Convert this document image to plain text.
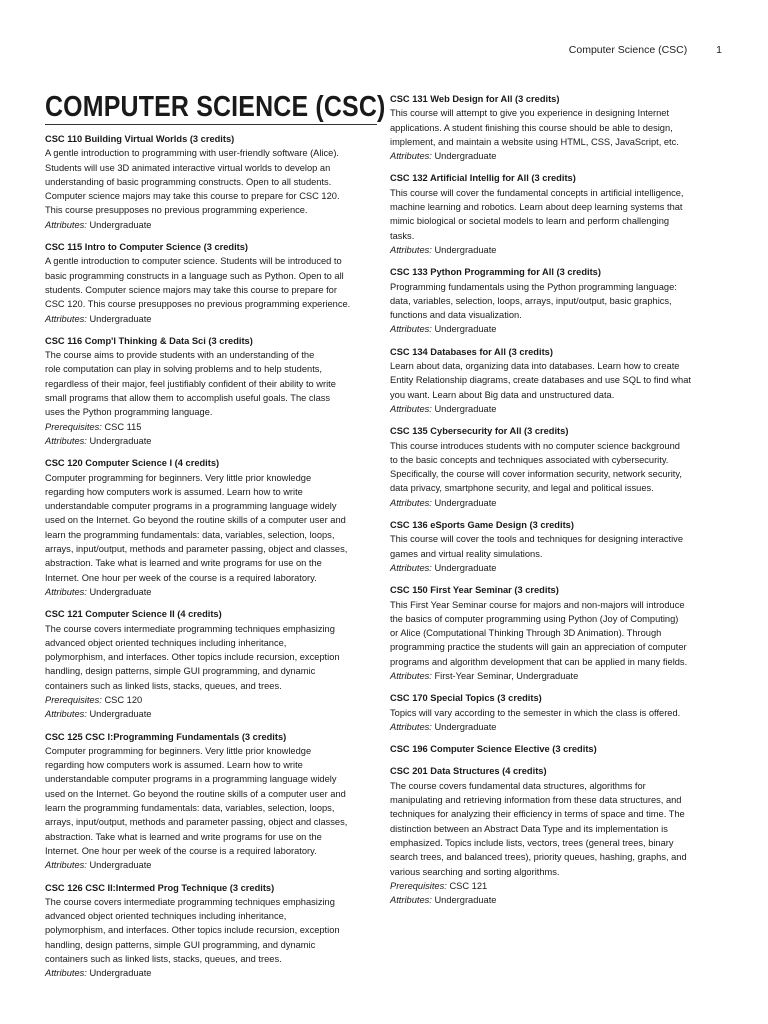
Computer Science (CSC)	1
COMPUTER SCIENCE (CSC)

CSC 110 Building Virtual Worlds (3 credits)

A gentle introduction to programming with user-friendly software (Alice).
Students will use 3D animated interactive virtual worlds to develop an
understanding of basic programming constructs. Open to all students.
Computer science majors may take this course to prepare for CSC 120.
This course presupposes no previous programming experience.

Attributes: Undergraduate

CSC 115 Intro to Computer Science (3 credits)

A gentle introduction to computer science. Students will be introduced to
basic programming constructs in a language such as Python. Open to all
students. Computer science majors may take this course to prepare for
CSC 120. This course presupposes no previous programming experience.

Attributes: Undergraduate

CSC 116 Comp'l Thinking & Data Sci (3 credits)

The course aims to provide students with an understanding of the
role computation can play in solving problems and to help students,
regardless of their major, feel justifiably confident of their ability to write
small programs that allow them to accomplish useful goals. The class
uses the Python programming language.

Prerequisites: CSC 115

Attributes: Undergraduate

CSC 120 Computer Science I (4 credits)

Computer programming for beginners. Very little prior knowledge
regarding how computers work is assumed. Learn how to write
understandable computer programs in a programming language widely
used on the Internet. Go beyond the routine skills of a computer user and
learn the programming fundamentals: data, variables, selection, loops,
arrays, input/output, methods and parameter passing, object and classes,
abstraction. Take what is learned and write programs for use on the
Internet. One hour per week of the course is a required laboratory.

Attributes: Undergraduate

CSC 121 Computer Science II (4 credits)

The course covers intermediate programming techniques emphasizing
advanced object oriented techniques including inheritance,
polymorphism, and interfaces. Other topics include recursion, exception
handling, design patterns, simple GUI programming, and dynamic
containers such as linked lists, stacks, queues, and trees.

Prerequisites: CSC 120

Attributes: Undergraduate

CSC 125 CSC I:Programming Fundamentals (3 credits)

Computer programming for beginners. Very little prior knowledge
regarding how computers work is assumed. Learn how to write
understandable computer programs in a programming language widely
used on the Internet. Go beyond the routine skills of a computer user and
learn the programming fundamentals: data, variables, selection, loops,
arrays, input/output, methods and parameter passing, object and classes,
abstraction. Take what is learned and write programs for use on the
Internet. One hour per week of the course is a required laboratory.

Attributes: Undergraduate

CSC 126 CSC II:Intermed Prog Technique (3 credits)

The course covers intermediate programming techniques emphasizing
advanced object oriented techniques including inheritance,
polymorphism, and interfaces. Other topics include recursion, exception
handling, design patterns, simple GUI programming, and dynamic
containers such as linked lists, stacks, queues, and trees.

Attributes: Undergraduate

CSC 131 Web Design for All (3 credits)

This course will attempt to give you experience in designing Internet
applications. A student finishing this course should be able to design,
implement, and maintain a website using HTML, CSS, JavaScript, etc.

Attributes: Undergraduate

CSC 132 Artificial Intellig for All (3 credits)

This course will cover the fundamental concepts in artificial intelligence,
machine learning and robotics. Learn about deep learning systems that
mimic biological or societal models to learn and perform challenging
tasks.

Attributes: Undergraduate

CSC 133 Python Programming for All (3 credits)

Programming fundamentals using the Python programming language:
data, variables, selection, loops, arrays, input/output, basic graphics,
functions and data visualization.

Attributes: Undergraduate

CSC 134 Databases for All (3 credits)

Learn about data, organizing data into databases. Learn how to create
Entity Relationship diagrams, create databases and use SQL to find what
you want. Learn about Big data and unstructured data.

Attributes: Undergraduate

CSC 135 Cybersecurity for All (3 credits)

This course introduces students with no computer science background
to the basic concepts and techniques associated with cybersecurity.
Specifically, the course will cover information security, network security,
data privacy, smartphone security, and legal and political issues.

Attributes: Undergraduate

CSC 136 eSports Game Design (3 credits)

This course will cover the tools and techniques for designing interactive
games and virtual reality simulations.

Attributes: Undergraduate

CSC 150 First Year Seminar (3 credits)

This First Year Seminar course for majors and non-majors will introduce
the basics of computer programming using Python (Joy of Computing)
or Alice (Computational Thinking Through 3D Animation). Through
programming practice the students will gain an appreciation of computer
programs and algorithm development that can be applied in many fields.

Attributes: First-Year Seminar, Undergraduate

CSC 170 Special Topics (3 credits)

Topics will vary according to the semester in which the class is offered.

Attributes: Undergraduate

CSC 196 Computer Science Elective (3 credits)

CSC 201 Data Structures (4 credits)

The course covers fundamental data structures, algorithms for
manipulating and retrieving information from these data structures, and
techniques for analyzing their efficiency in terms of space and time. The
distinction between an Abstract Data Type and its implementation is
emphasized. Topics include lists, vectors, trees (general trees, binary
search trees, and balanced trees), priority queues, hashing, graphs, and
various searching and sorting algorithms.

Prerequisites: CSC 121

Attributes: Undergraduate
